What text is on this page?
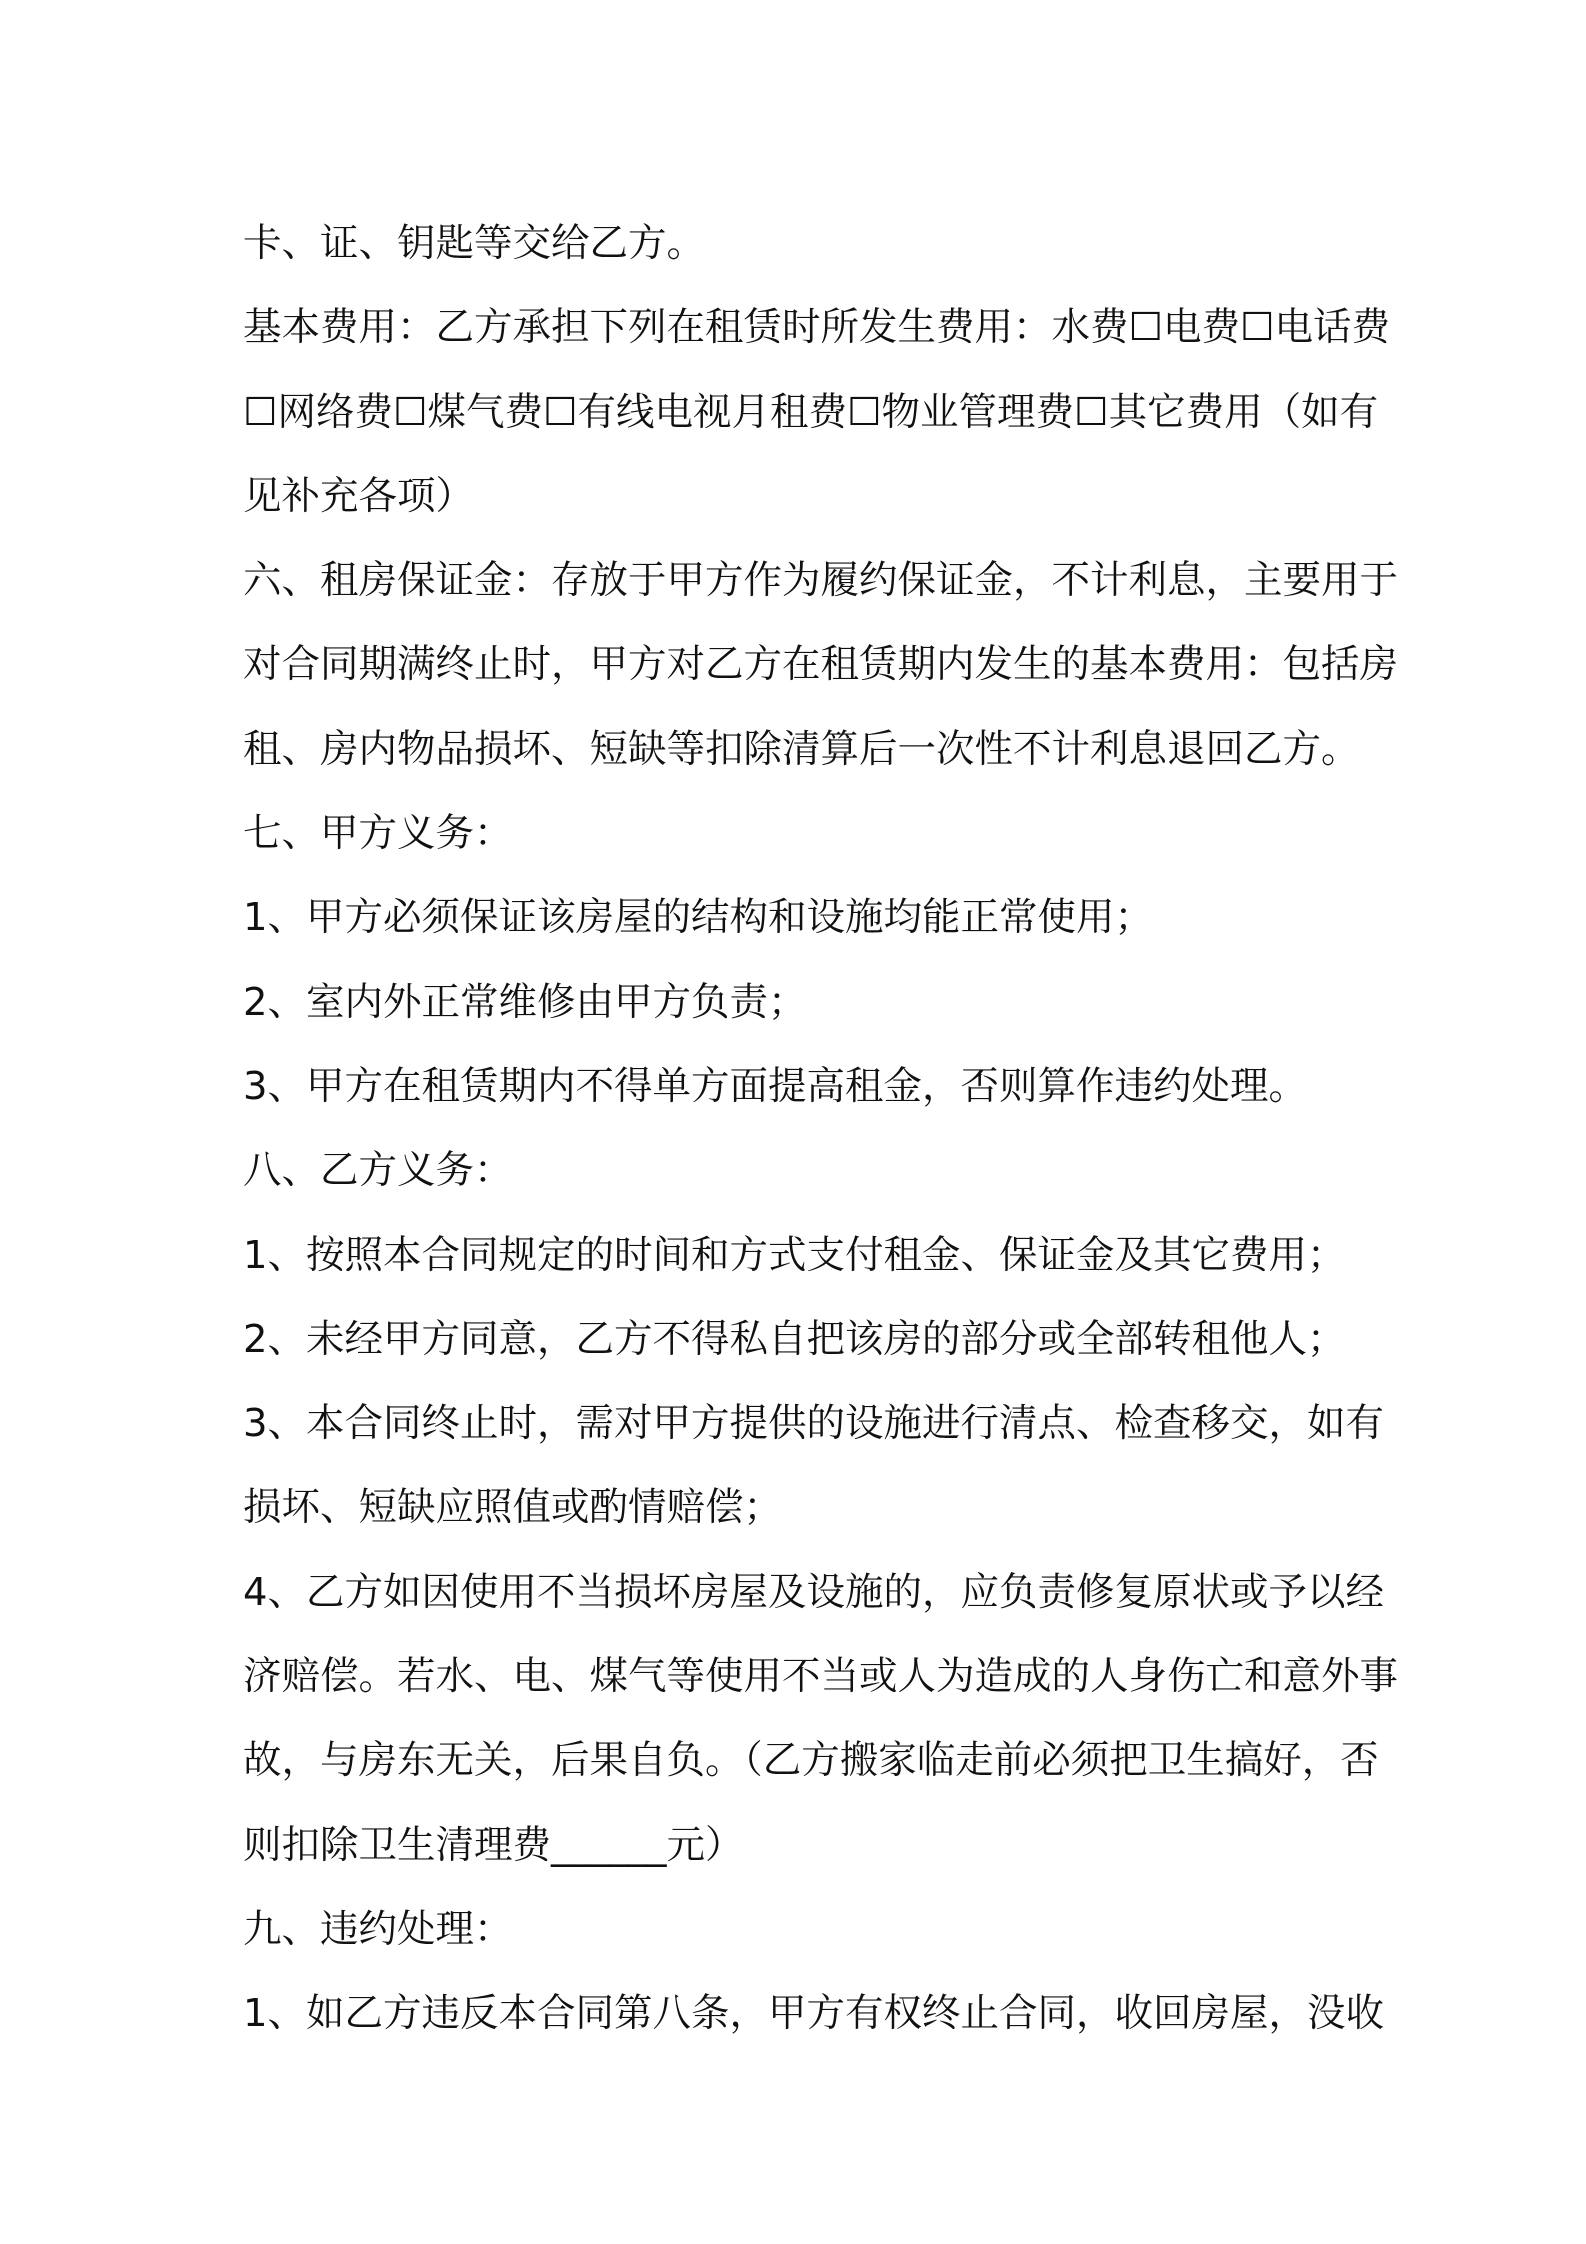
卡、证、钥匙等交给乙方。

基本费用：乙方承担下列在租赁时所发生费用：水费☐电费☐电话费

☐网络费☐煤气费☐有线电视月租费☐物业管理费☐其它费用（如有

见补充各项）

六、租房保证金：存放于甲方作为履约保证金，不计利息，主要用于

对合同期满终止时，甲方对乙方在租赁期内发生的基本费用：包括房

租、房内物品损坏、短缺等扣除清算后一次性不计利息退回乙方。

七、甲方义务：

1、甲方必须保证该房屋的结构和设施均能正常使用；

2、室内外正常维修由甲方负责；

3、甲方在租赁期内不得单方面提高租金，否则算作违约处理。

八、乙方义务：

1、按照本合同规定的时间和方式支付租金、保证金及其它费用；

2、未经甲方同意，乙方不得私自把该房的部分或全部转租他人；

3、本合同终止时，需对甲方提供的设施进行清点、检查移交，如有

损坏、短缺应照值或酌情赔偿；

4、乙方如因使用不当损坏房屋及设施的，应负责修复原状或予以经

济赔偿。若水、电、煤气等使用不当或人为造成的人身伤亡和意外事

故，与房东无关，后果自负。（乙方搬家临走前必须把卫生搞好，否

则扣除卫生清理费______元）

九、违约处理：

1、如乙方违反本合同第八条，甲方有权终止合同，收回房屋，没收
